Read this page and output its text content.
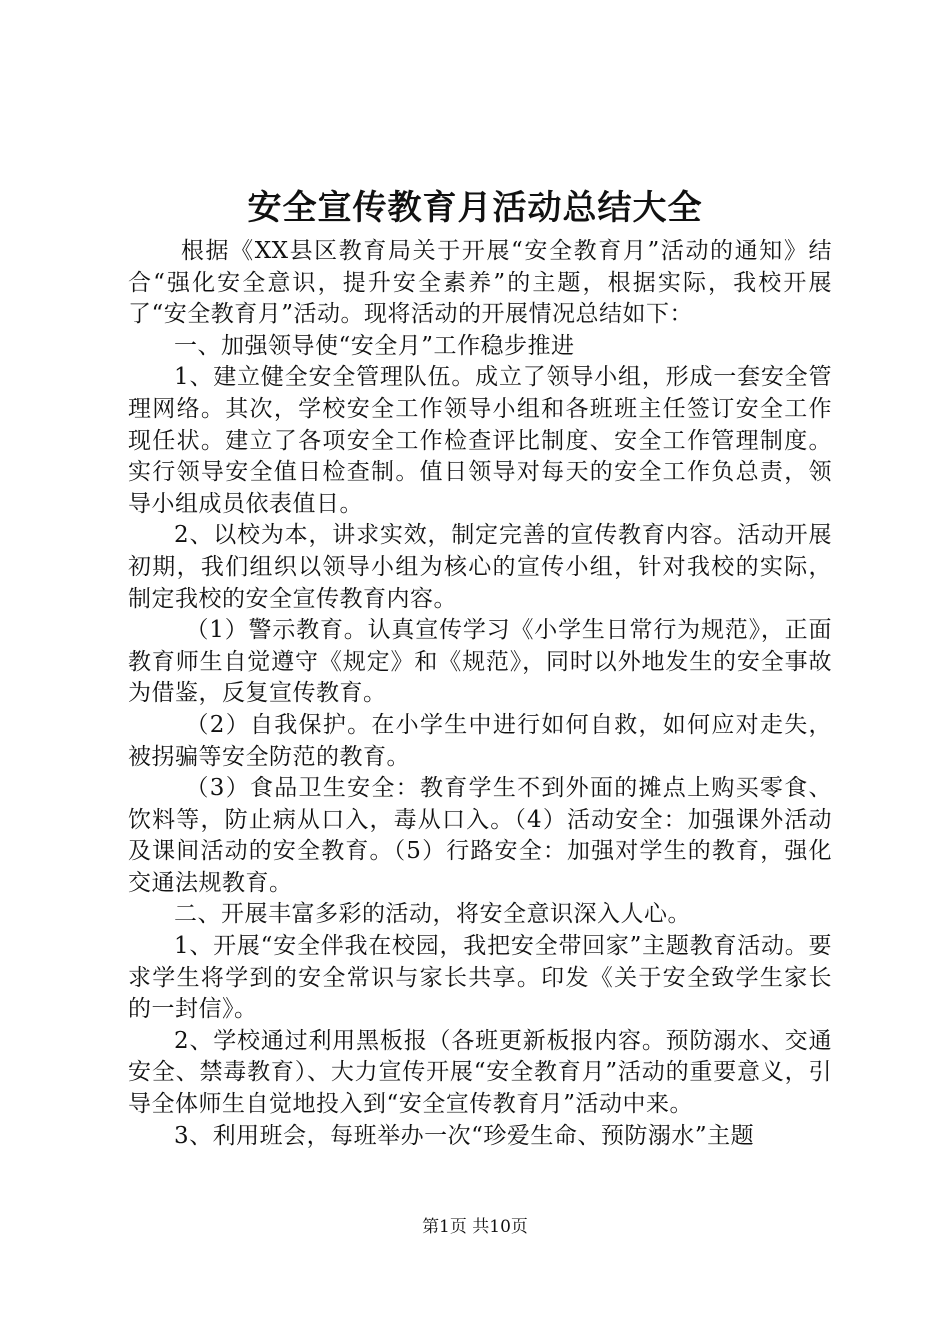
安全宣传教育月活动总结大全

根据《XX县区教育局关于开展“安全教育月”活动的通知》结合“强化安全意识，提升安全素养”的主题，根据实际，我校开展了“安全教育月”活动。现将活动的开展情况总结如下：

一、加强领导使“安全月”工作稳步推进

1、建立健全安全管理队伍。成立了领导小组，形成一套安全管理网络。其次，学校安全工作领导小组和各班班主任签订安全工作现任状。建立了各项安全工作检查评比制度、安全工作管理制度。实行领导安全值日检查制。值日领导对每天的安全工作负总责，领导小组成员依表值日。

2、以校为本，讲求实效，制定完善的宣传教育内容。活动开展初期，我们组织以领导小组为核心的宣传小组，针对我校的实际，制定我校的安全宣传教育内容。

（1）警示教育。认真宣传学习《小学生日常行为规范》，正面教育师生自觉遵守《规定》和《规范》，同时以外地发生的安全事故为借鉴，反复宣传教育。

（2）自我保护。在小学生中进行如何自救，如何应对走失，被拐骗等安全防范的教育。

（3）食品卫生安全：教育学生不到外面的摊点上购买零食、饮料等，防止病从口入，毒从口入。（4）活动安全：加强课外活动及课间活动的安全教育。（5）行路安全：加强对学生的教育，强化交通法规教育。

二、开展丰富多彩的活动，将安全意识深入人心。

1、开展“安全伴我在校园，我把安全带回家”主题教育活动。要求学生将学到的安全常识与家长共享。印发《关于安全致学生家长的一封信》。

2、学校通过利用黑板报（各班更新板报内容。预防溺水、交通安全、禁毒教育）、大力宣传开展“安全教育月”活动的重要意义，引导全体师生自觉地投入到“安全宣传教育月”活动中来。

3、利用班会，每班举办一次“珍爱生命、预防溺水”主题

第1页 共10页
